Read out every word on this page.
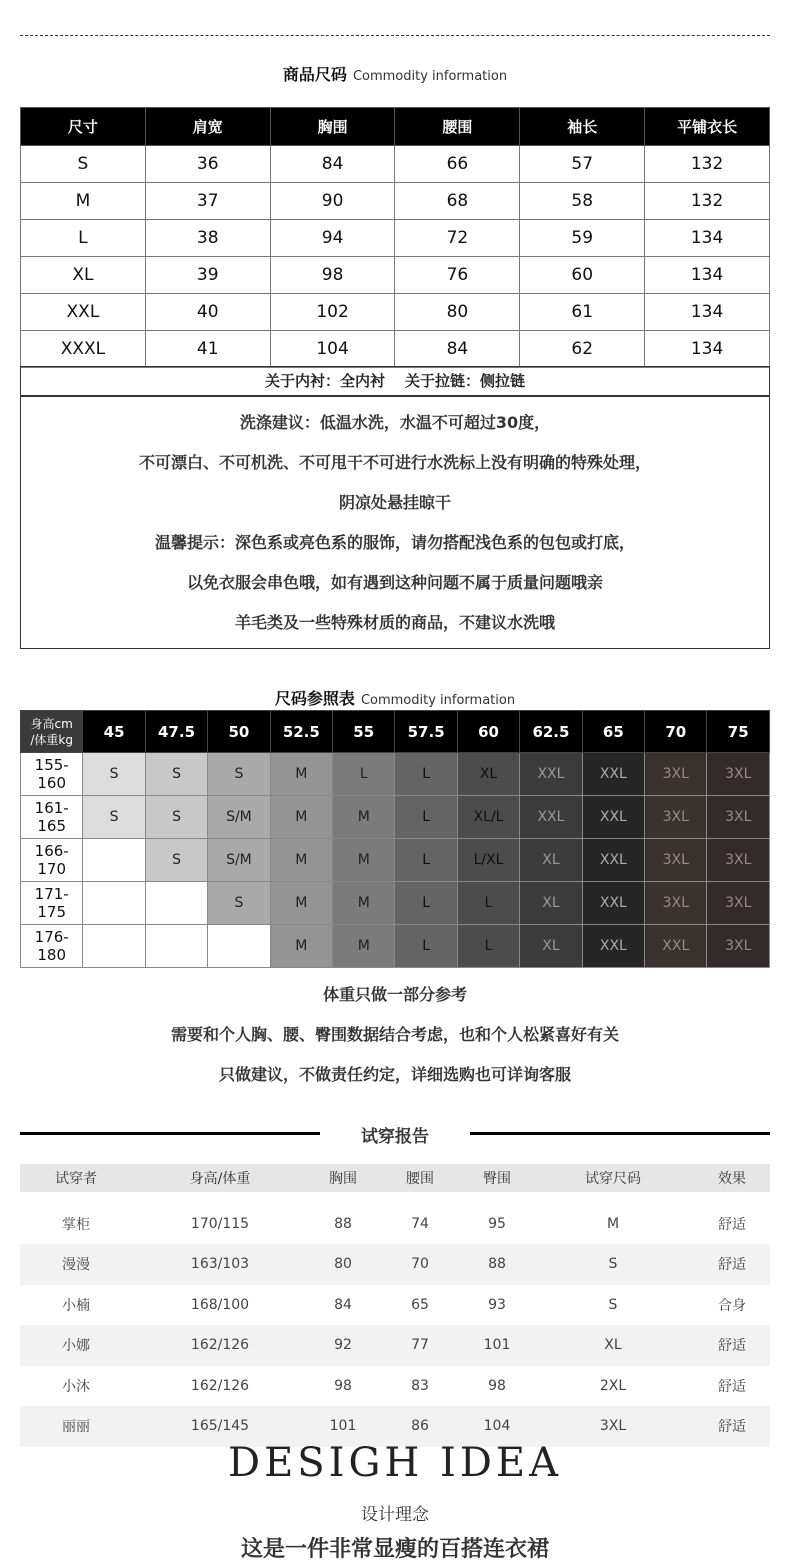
商品尺码 Commodity information
尺寸	肩宽	胸围	腰围	袖长	平铺衣长
S	36	84	66	57	132
M	37	90	68	58	132
L	38	94	72	59	134
XL	39	98	76	60	134
XXL	40	102	80	61	134
XXXL	41	104	84	62	134
关于内衬：全内衬 关于拉链：侧拉链

洗涤建议：低温水洗，水温不可超过30度，

不可漂白、不可机洗、不可甩干不可进行水洗标上没有明确的特殊处理，

阴凉处悬挂晾干

温馨提示：深色系或亮色系的服饰，请勿搭配浅色系的包包或打底，

以免衣服会串色哦，如有遇到这种问题不属于质量问题哦亲

羊毛类及一些特殊材质的商品，不建议水洗哦

尺码参照表 Commodity information
身高cm
/体重kg	45	47.5	50	52.5	55	57.5	60	62.5	65	70	75
155-160	S	S	S	M	L	L	XL	XXL	XXL	3XL	3XL
161-165	S	S	S/M	M	M	L	XL/L	XXL	XXL	3XL	3XL
166-170		S	S/M	M	M	L	L/XL	XL	XXL	3XL	3XL
171-175			S	M	M	L	L	XL	XXL	3XL	3XL
176-180				M	M	L	L	XL	XXL	XXL	3XL

体重只做一部分参考

需要和个人胸、腰、臀围数据结合考虑，也和个人松紧喜好有关

只做建议，不做责任约定，详细选购也可详询客服

试穿报告
试穿者	身高/体重	胸围	腰围	臀围	试穿尺码	效果
掌柜	170/115	88	74	95	M	舒适
漫漫	163/103	80	70	88	S	舒适
小楠	168/100	84	65	93	S	合身
小娜	162/126	92	77	101	XL	舒适
小沐	162/126	98	83	98	2XL	舒适
丽丽	165/145	101	86	104	3XL	舒适
DESIGH IDEA
设计理念
这是一件非常显瘦的百搭连衣裙
